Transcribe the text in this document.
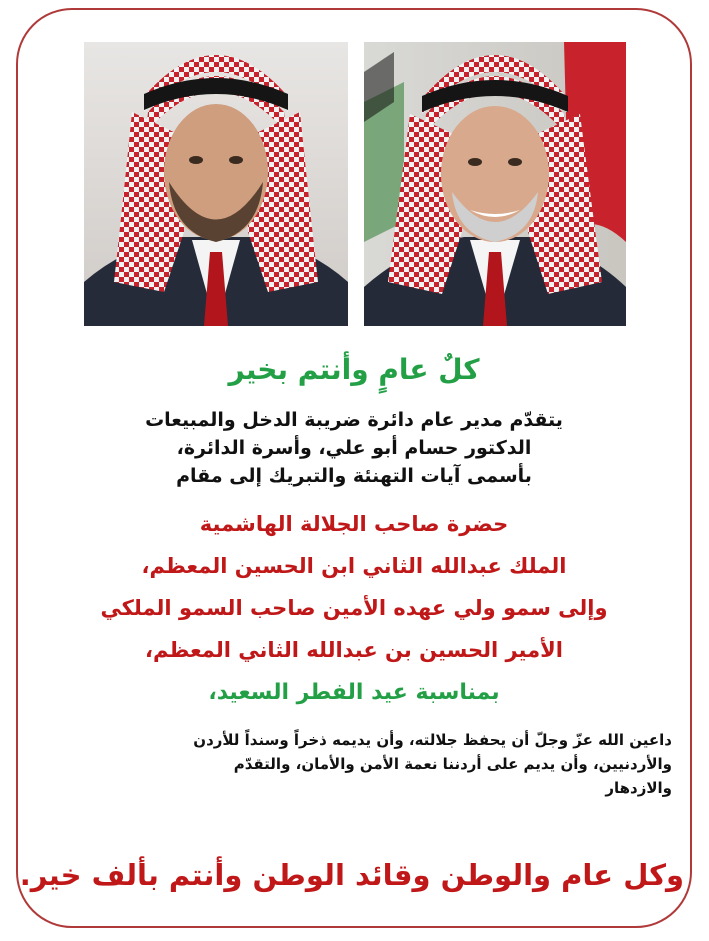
كلٌ عامٍ وأنتم بخير
يتقدّم مدير عام دائرة ضريبة الدخل والمبيعات
الدكتور حسام أبو علي، وأسرة الدائرة،
بأسمى آيات التهنئة والتبريك إلى مقام
حضرة صاحب الجلالة الهاشمية
الملك عبدالله الثاني ابن الحسين المعظم،
وإلى سمو ولي عهده الأمين صاحب السمو الملكي
الأمير الحسين بن عبدالله الثاني المعظم،
بمناسبة عيد الفطر السعيد،
داعين الله عزّ وجلّ أن يحفظ جلالته، وأن يديمه ذخراً وسنداً للأردن
والأردنيين، وأن يديم على أردننا نعمة الأمن والأمان، والتقدّم
والازدهار
وكل عام والوطن وقائد الوطن وأنتم بألف خير.
